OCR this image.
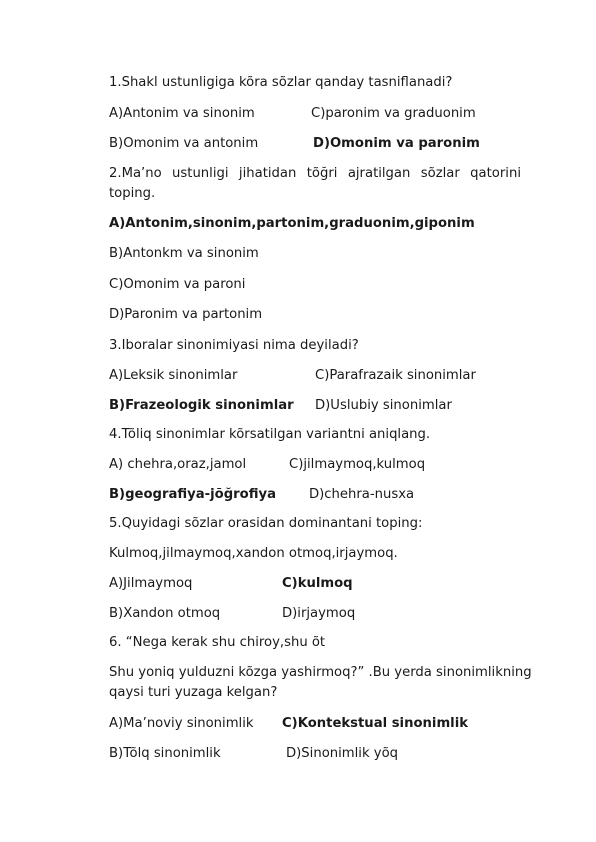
1.Shakl ustunligiga kõra sõzlar qanday tasniflanadi?
A)Antonim va sinonim	C)paronim va graduonim
B)Omonim va antonim	D)Omonim va paronim
2.Ma’no ustunligi jihatidan tõğri ajratilgan sõzlar qatorini
toping.
A)Antonim,sinonim,partonim,graduonim,giponim
B)Antonkm va sinonim
C)Omonim va paroni
D)Paronim va partonim
3.Iboralar sinonimiyasi nima deyiladi?
A)Leksik sinonimlar	C)Parafrazaik sinonimlar
B)Frazeologik sinonimlar D)Uslubiy sinonimlar
4.Tõliq sinonimlar kõrsatilgan variantni aniqlang.
A) chehra,oraz,jamol	C)jilmaymoq,kulmoq
B)geografiya-jõğrofiya	D)chehra-nusxa
5.Quyidagi sõzlar orasidan dominantani toping:
Kulmoq,jilmaymoq,xandon otmoq,irjaymoq.
A)Jilmaymoq	C)kulmoq
B)Xandon otmoq	D)irjaymoq
6. “Nega kerak shu chiroy,shu õt
Shu yoniq yulduzni kõzga yashirmoq?” .Bu yerda sinonimlikning
qaysi turi yuzaga kelgan?
A)Ma’noviy sinonimlik C)Kontekstual sinonimlik
B)Tõlq sinonimlik	D)Sinonimlik yõq
